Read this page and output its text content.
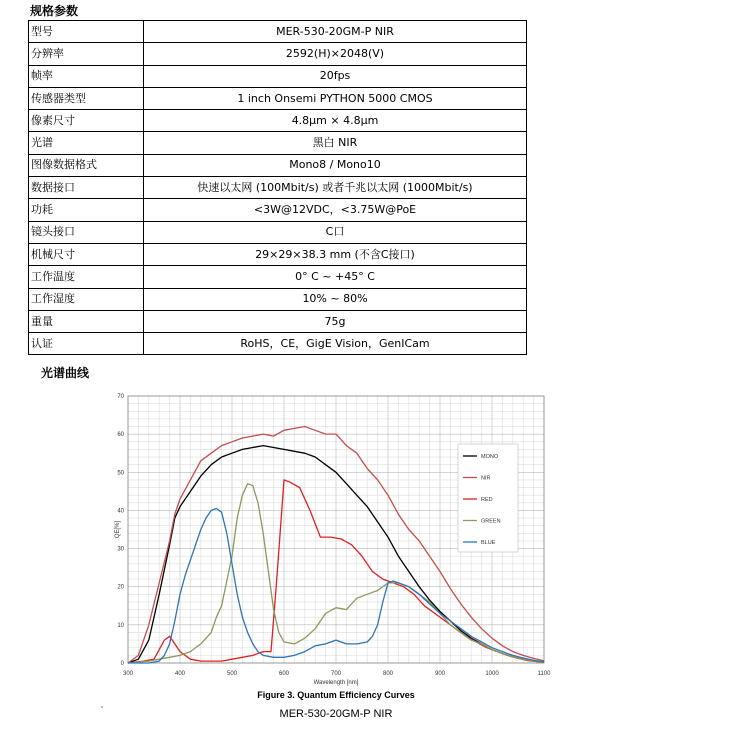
规格参数
型号	MER-530-20GM-P NIR
分辨率	2592(H)×2048(V)
帧率	20fps
传感器类型	1 inch Onsemi PYTHON 5000 CMOS
像素尺寸	4.8μm × 4.8μm
光谱	黑白 NIR
图像数据格式	Mono8 / Mono10
数据接口	快速以太网 (100Mbit/s) 或者千兆以太网 (1000Mbit/s)
功耗	<3W@12VDC，<3.75W@PoE
镜头接口	C口
机械尺寸	29×29×38.3 mm (不含C接口)
工作温度	0° C ~ +45° C
工作湿度	10% ~ 80%
重量	75g
认证	RoHS，CE，GigE Vision，GenICam
光谱曲线
300	400	500	600	700	800	900	1000	1100
0
10
20
30
40
50
60
70
Wavelength [nm]
QE[%]
MONO
NIR
RED
GREEN
BLUE
Figure 3. Quantum Efficiency Curves
MER-530-20GM-P NIR
